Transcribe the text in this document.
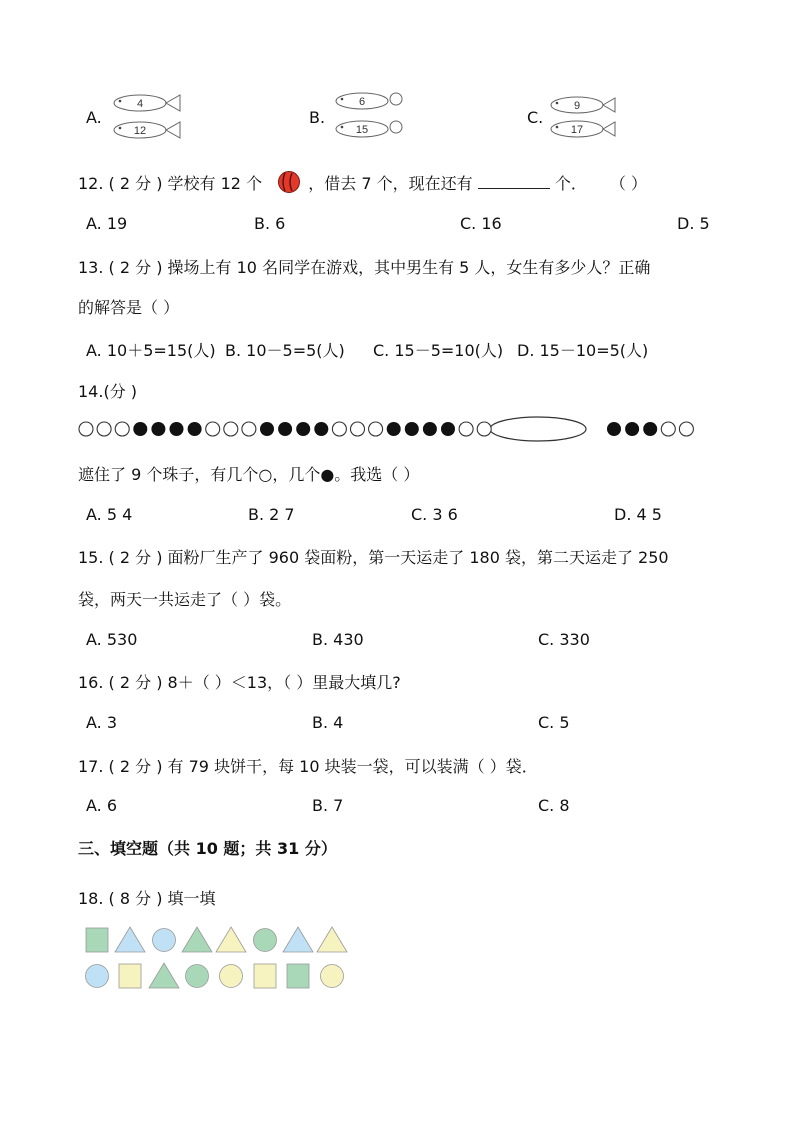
A.	B.	C.
4
12
6
15
9
17
12. ( 2 分 ) 学校有 12 个	，借去 7 个，现在还有	个． （ ）
A. 19	B. 6	C. 16	D. 5
13. ( 2 分 ) 操场上有 10 名同学在游戏，其中男生有 5 人，女生有多少人？正确
的解答是（ ）
A. 10＋5=15(人) B. 10－5=5(人) C. 15－5=10(人) D. 15－10=5(人)
14.(分 )
遮住了 9 个珠子，有几个○，几个●。我选（ ）
A. 5 4	B. 2 7	C. 3 6	D. 4 5
15. ( 2 分 ) 面粉厂生产了 960 袋面粉，第一天运走了 180 袋，第二天运走了 250
袋，两天一共运走了（ ）袋。
A. 530	B. 430	C. 330
16. ( 2 分 ) 8＋（ ）＜13，（ ）里最大填几?
A. 3	B. 4	C. 5
17. ( 2 分 ) 有 79 块饼干，每 10 块装一袋，可以装满（ ）袋．
A. 6	B. 7	C. 8
三、填空题（共 10 题；共 31 分）
18. ( 8 分 ) 填一填
